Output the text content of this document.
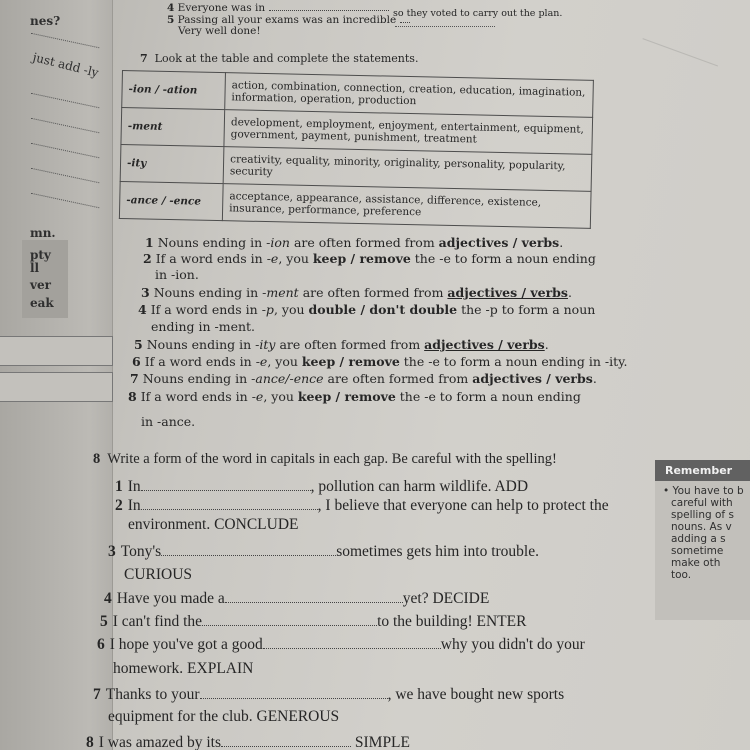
nes?
just add -ly
mn.
pty
ll
ver
eak
4 Everyone was in
5 Passing all your exams was an incredible
so they voted to carry out the plan.
Very well done!
7 Look at the table and complete the statements.
-ion / -ation	action, combination, connection, creation, education, imagination, information, operation, production
-ment	development, employment, enjoyment, entertainment, equipment, government, payment, punishment, treatment
-ity	creativity, equality, minority, originality, personality, popularity, security
-ance / -ence	acceptance, appearance, assistance, difference, existence, insurance, performance, preference
1 Nouns ending in -ion are often formed from adjectives / verbs.
2 If a word ends in -e, you keep / remove the -e to form a noun ending
in -ion.
3 Nouns ending in -ment are often formed from adjectives / verbs.
4 If a word ends in -p, you double / don't double the -p to form a noun
ending in -ment.
5 Nouns ending in -ity are often formed from adjectives / verbs.
6 If a word ends in -e, you keep / remove the -e to form a noun ending in -ity.
7 Nouns ending in -ance/-ence are often formed from adjectives / verbs.
8 If a word ends in -e, you keep / remove the -e to form a noun ending
in -ance.
8 Write a form of the word in capitals in each gap. Be careful with the spelling!
1 In	, pollution can harm wildlife. ADD
2 In	, I believe that everyone can help to protect the
environment. CONCLUDE
3 Tony's	sometimes gets him into trouble.
CURIOUS
4 Have you made a	yet? DECIDE
5 I can't find the	to the building! ENTER
6 I hope you've got a good	why you didn't do your
homework. EXPLAIN
7 Thanks to your	, we have bought new sports
equipment for the club. GENEROUS
8 I was amazed by its	SIMPLE
Remember
• You have to b
careful with
spelling of s
nouns. As v
adding a s
sometime
make oth
too.
